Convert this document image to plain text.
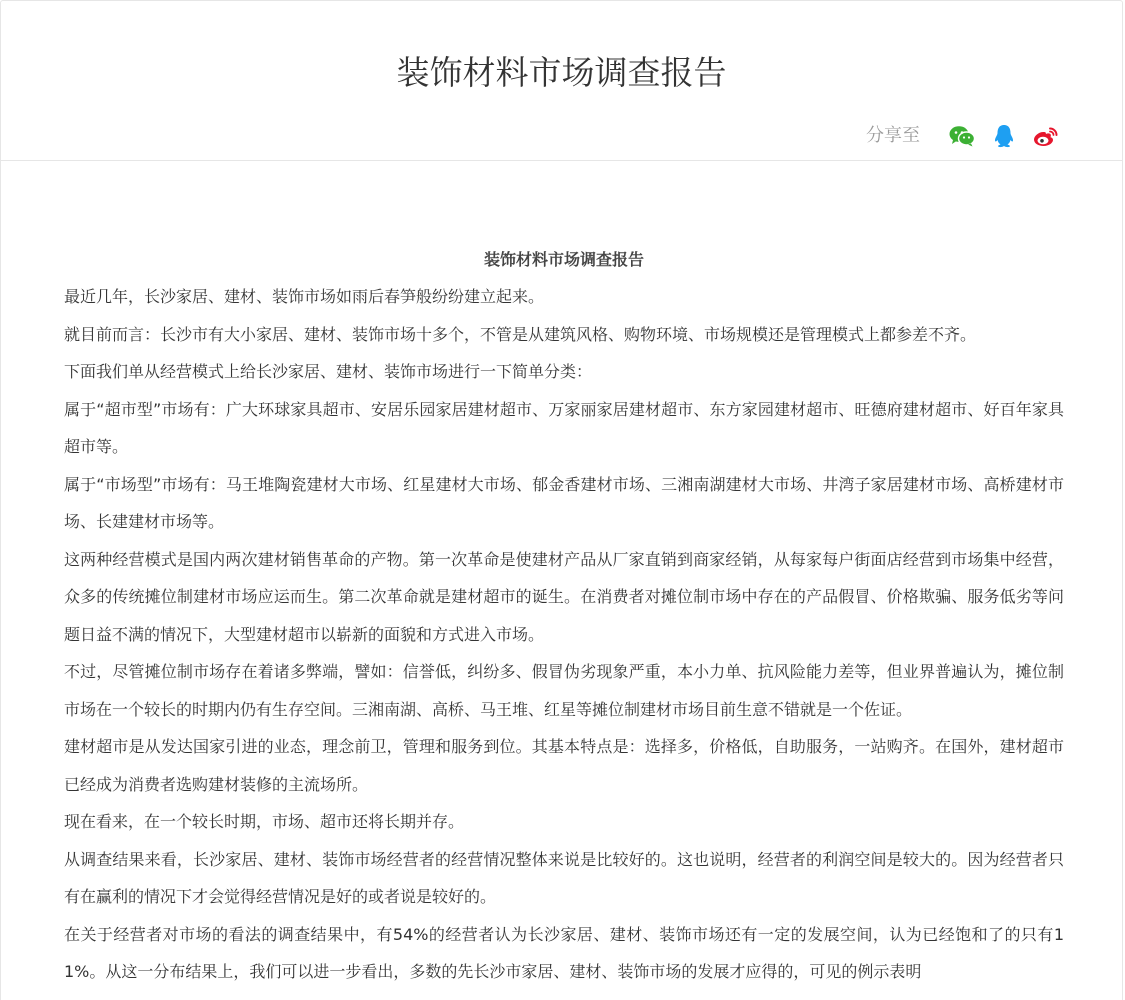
装饰材料市场调查报告
分享至
装饰材料市场调查报告

最近几年，长沙家居、建材、装饰市场如雨后春笋般纷纷建立起来。

就目前而言：长沙市有大小家居、建材、装饰市场十多个，不管是从建筑风格、购物环境、市场规模还是管理模式上都参差不齐。

下面我们单从经营模式上给长沙家居、建材、装饰市场进行一下简单分类：

属于“超市型”市场有：广大环球家具超市、安居乐园家居建材超市、万家丽家居建材超市、东方家园建材超市、旺德府建材超市、好百年家具超市等。

属于“市场型”市场有：马王堆陶瓷建材大市场、红星建材大市场、郁金香建材市场、三湘南湖建材大市场、井湾子家居建材市场、高桥建材市场、长建建材市场等。

这两种经营模式是国内两次建材销售革命的产物。第一次革命是使建材产品从厂家直销到商家经销，从每家每户街面店经营到市场集中经营，众多的传统摊位制建材市场应运而生。第二次革命就是建材超市的诞生。在消费者对摊位制市场中存在的产品假冒、价格欺骗、服务低劣等问题日益不满的情况下，大型建材超市以崭新的面貌和方式进入市场。

不过，尽管摊位制市场存在着诸多弊端，譬如：信誉低，纠纷多、假冒伪劣现象严重，本小力单、抗风险能力差等，但业界普遍认为，摊位制市场在一个较长的时期内仍有生存空间。三湘南湖、高桥、马王堆、红星等摊位制建材市场目前生意不错就是一个佐证。

建材超市是从发达国家引进的业态，理念前卫，管理和服务到位。其基本特点是：选择多，价格低，自助服务，一站购齐。在国外，建材超市已经成为消费者选购建材装修的主流场所。

现在看来，在一个较长时期，市场、超市还将长期并存。

从调查结果来看，长沙家居、建材、装饰市场经营者的经营情况整体来说是比较好的。这也说明，经营者的利润空间是较大的。因为经营者只有在赢利的情况下才会觉得经营情况是好的或者说是较好的。

在关于经营者对市场的看法的调查结果中，有54%的经营者认为长沙家居、建材、装饰市场还有一定的发展空间，认为已经饱和了的只有11%。从这一分布结果上，我们可以进一步看出，多数的先长沙市家居、建材、装饰市场的发展才应得的，可见的例示表明
